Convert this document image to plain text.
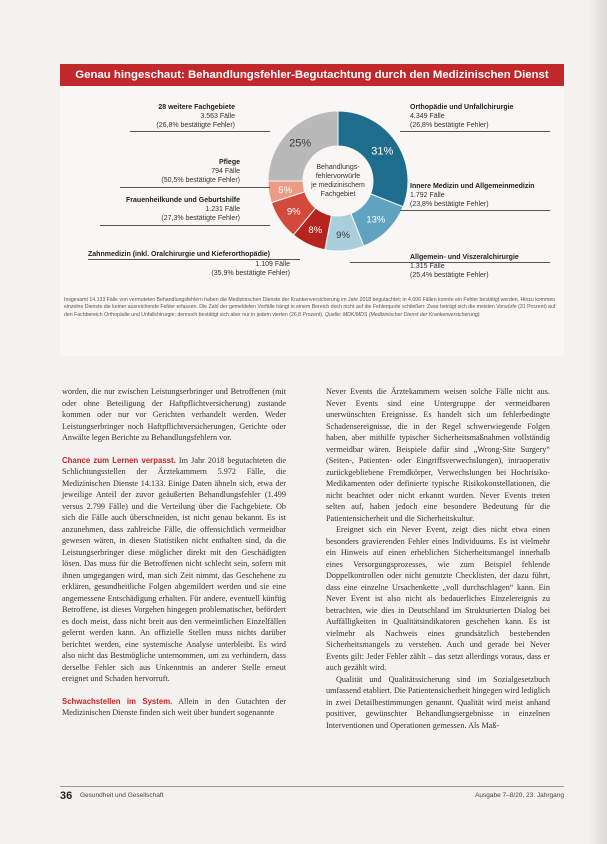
Genau hingeschaut: Behandlungsfehler-Begutachtung durch den Medizinischen Dienst
Behandlungs-
fehlervorwürfe
je medizinischem
Fachgebiet
31%
13%
9%
8%
9%
5%
25%
28 weitere Fachgebiete
3.563 Fälle
(26,8% bestätigte Fehler)
Pflege
794 Fälle
(50,5% bestätigte Fehler)
Frauenheilkunde und Geburtshilfe
1.231 Fälle
(27,3% bestätigte Fehler)
Zahnmedizin (inkl. Oralchirurgie und Kieferorthopädie)
1.109 Fälle
(35,9% bestätigte Fehler)
Orthopädie und Unfallchirurgie
4.349 Fälle
(26,8% bestätigte Fehler)
Innere Medizin und Allgemeinmedizin
1.792 Fälle
(23,8% bestätigte Fehler)
Allgemein- und Viszeralchirurgie
1.315 Fälle
(25,4% bestätigte Fehler)
Insgesamt 14.133 Fälle von vermuteten Behandlungsfehlern haben die Medizinischen Dienste der Krankenversicherung im Jahr 2018 begutachtet; in 4.006 Fällen konnte ein Fehler bestätigt werden. Hinzu kommen einzelne Dienste die keiner ausreichende Fehler erfassen. Die Zahl der gemeldeten Vorfälle hängt in einem Bereich doch nicht auf die Fehlerquote schließen: Zwar beträgt sich die meisten Vorwürfe (31 Prozent) auf den Fachbereich Orthopädie und Unfallchirurgie; dennoch bestätigt sich aber nur in jedem vierten (26,8 Prozent). Quelle: MDK/MDS (Medizinischer Dienst der Krankenversicherung)

worden, die nur zwischen Leistungserbringer und Betroffenen (mit oder ohne Beteiligung der Haftpflichtversicherung) zustande kommen oder nur vor Gerichten verhandelt werden. Weder Leistungserbringer noch Haftpflichtversicherungen, Gerichte oder Anwälte legen Berichte zu Behandlungsfehlern vor.

Chance zum Lernen verpasst. Im Jahr 2018 begutachteten die Schlichtungsstellen der Ärztekammern 5.972 Fälle, die Medizinischen Dienste 14.133. Einige Daten ähneln sich, etwa der jeweilige Anteil der zuvor geäußerten Behandlungsfehler (1.499 versus 2.799 Fälle) und die Verteilung über die Fachgebiete. Ob sich die Fälle auch überschneiden, ist nicht genau bekannt. Es ist anzunehmen, dass zahlreiche Fälle, die offensichtlich vermeidbar gewesen wären, in diesen Statistiken nicht enthalten sind, da die Leistungserbringer diese möglicher direkt mit den Geschädigten lösen. Das muss für die Betroffenen nicht schlecht sein, sofern mit ihnen umgegangen wird, man sich Zeit nimmt, das Geschehene zu erklären, gesundheitliche Folgen abgemildert werden und sie eine angemessene Entschädigung erhalten. Für andere, eventuell künftig Betroffene, ist dieses Vorgehen hingegen problematischer, befördert es doch meist, dass nicht breit aus den vermeintlichen Einzelfällen gelernt werden kann. An offizielle Stellen muss nichts darüber berichtet werden, eine systemische Analyse unterbleibt. Es wird also nicht das Bestmögliche unternommen, um zu verhindern, dass derselbe Fehler sich aus Unkenntnis an anderer Stelle erneut ereignet und Schaden hervorruft.

Schwachstellen im System. Allein in den Gutachten der Medizinischen Dienste finden sich weit über hundert sogenannte

Never Events die Ärztekammern weisen solche Fälle nicht aus. Never Events sind eine Untergruppe der vermeidbaren unerwünschten Ereignisse. Es handelt sich um fehlerbedingte Schadensereignisse, die in der Regel schwerwiegende Folgen haben, aber mithilfe typischer Sicherheitsmaßnahmen vollständig vermeidbar wären. Beispiele dafür sind „Wrong-Site Surgery“ (Seiten-, Patienten- oder Eingriffsverwechslungen), intraoperativ zurückgebliebene Fremdkörper, Verwechslungen bei Hochrisiko-Medikamenten oder definierte typische Risikokonstellationen, die nicht beachtet oder nicht erkannt wurden. Never Events treten selten auf, haben jedoch eine besondere Bedeutung für die Patientensicherheit und die Sicherheitskultur.

Ereignet sich ein Never Event, zeigt dies nicht etwa einen besonders gravierenden Fehler eines Individuums. Es ist vielmehr ein Hinweis auf einen erheblichen Sicherheitsmangel innerhalb eines Versorgungsprozesses, wie zum Beispiel fehlende Doppelkontrollen oder nicht genutzte Checklisten, der dazu führt, dass eine einzelne Ursachenkette „voll durchschlagen“ kann. Ein Never Event ist also nicht als bedauerliches Einzelereignis zu betrachten, wie dies in Deutschland im Strukturierten Dialog bei Auffälligkeiten in Qualitätsindikatoren geschehen kann. Es ist vielmehr als Nachweis eines grundsätzlich bestehenden Sicherheitsmangels zu verstehen. Auch und gerade bei Never Events gilt: Jeder Fehler zählt – das setzt allerdings voraus, dass er auch gezählt wird.

Qualität und Qualitätssicherung sind im Sozialgesetzbuch umfassend etabliert. Die Patientensicherheit hingegen wird lediglich in zwei Detailbestimmungen genannt. Qualität wird meist anhand positiver, gewünschter Behandlungsergebnisse in einzelnen Interventionen und Operationen gemessen. Als Maß-

36 Gesundheit und Gesellschaft	Ausgabe 7–8/20, 23. Jahrgang
